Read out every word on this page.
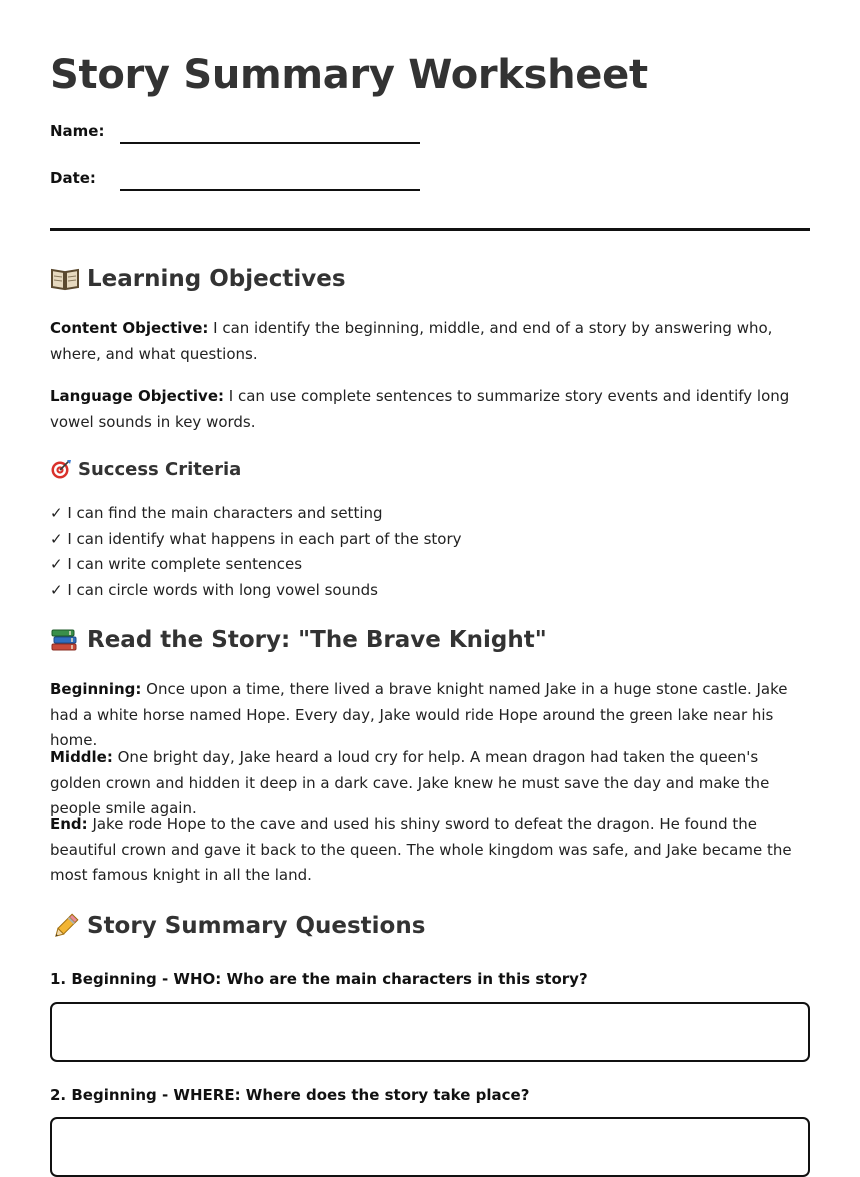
Story Summary Worksheet
Name:
Date:
Learning Objectives

Content Objective: I can identify the beginning, middle, and end of a story by answering who, where, and what questions.

Language Objective: I can use complete sentences to summarize story events and identify long vowel sounds in key words.

Success Criteria
✓ I can find the main characters and setting
✓ I can identify what happens in each part of the story
✓ I can write complete sentences
✓ I can circle words with long vowel sounds
Read the Story: "The Brave Knight"

Beginning: Once upon a time, there lived a brave knight named Jake in a huge stone castle. Jake had a white horse named Hope. Every day, Jake would ride Hope around the green lake near his home.

Middle: One bright day, Jake heard a loud cry for help. A mean dragon had taken the queen's golden crown and hidden it deep in a dark cave. Jake knew he must save the day and make the people smile again.

End: Jake rode Hope to the cave and used his shiny sword to defeat the dragon. He found the beautiful crown and gave it back to the queen. The whole kingdom was safe, and Jake became the most famous knight in all the land.

Story Summary Questions

1. Beginning - WHO: Who are the main characters in this story?

2. Beginning - WHERE: Where does the story take place?
